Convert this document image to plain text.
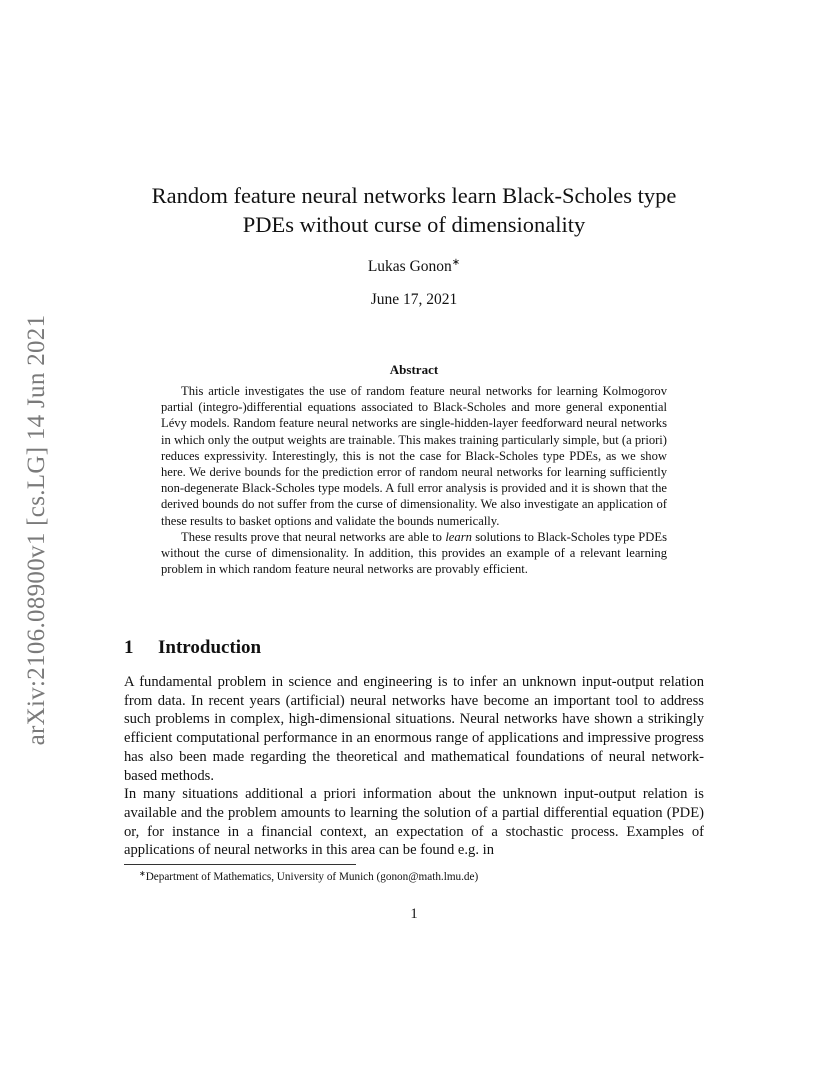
arXiv:2106.08900v1 [cs.LG] 14 Jun 2021
Random feature neural networks learn Black-Scholes type
PDEs without curse of dimensionality
Lukas Gonon∗
June 17, 2021
Abstract

This article investigates the use of random feature neural networks for learning Kolmogorov partial (integro-)differential equations associated to Black-Scholes and more general exponential Lévy models. Random feature neural networks are single-hidden-layer feedforward neural networks in which only the output weights are trainable. This makes training particularly simple, but (a priori) reduces expressivity. Interestingly, this is not the case for Black-Scholes type PDEs, as we show here. We derive bounds for the prediction error of random neural networks for learning sufficiently non-degenerate Black-Scholes type models. A full error analysis is provided and it is shown that the derived bounds do not suffer from the curse of dimensionality. We also investigate an application of these results to basket options and validate the bounds numerically.

These results prove that neural networks are able to learn solutions to Black-Scholes type PDEs without the curse of dimensionality. In addition, this provides an example of a relevant learning problem in which random feature neural networks are provably efficient.

1 Introduction

A fundamental problem in science and engineering is to infer an unknown input-output relation from data. In recent years (artificial) neural networks have become an important tool to address such problems in complex, high-dimensional situations. Neural networks have shown a strikingly efficient computational performance in an enormous range of applications and impressive progress has also been made regarding the theoretical and mathematical foundations of neural network-based methods.

In many situations additional a priori information about the unknown input-output relation is available and the problem amounts to learning the solution of a partial differential equation (PDE) or, for instance in a financial context, an expectation of a stochastic process. Examples of applications of neural networks in this area can be found e.g. in

∗Department of Mathematics, University of Munich (gonon@math.lmu.de)
1
